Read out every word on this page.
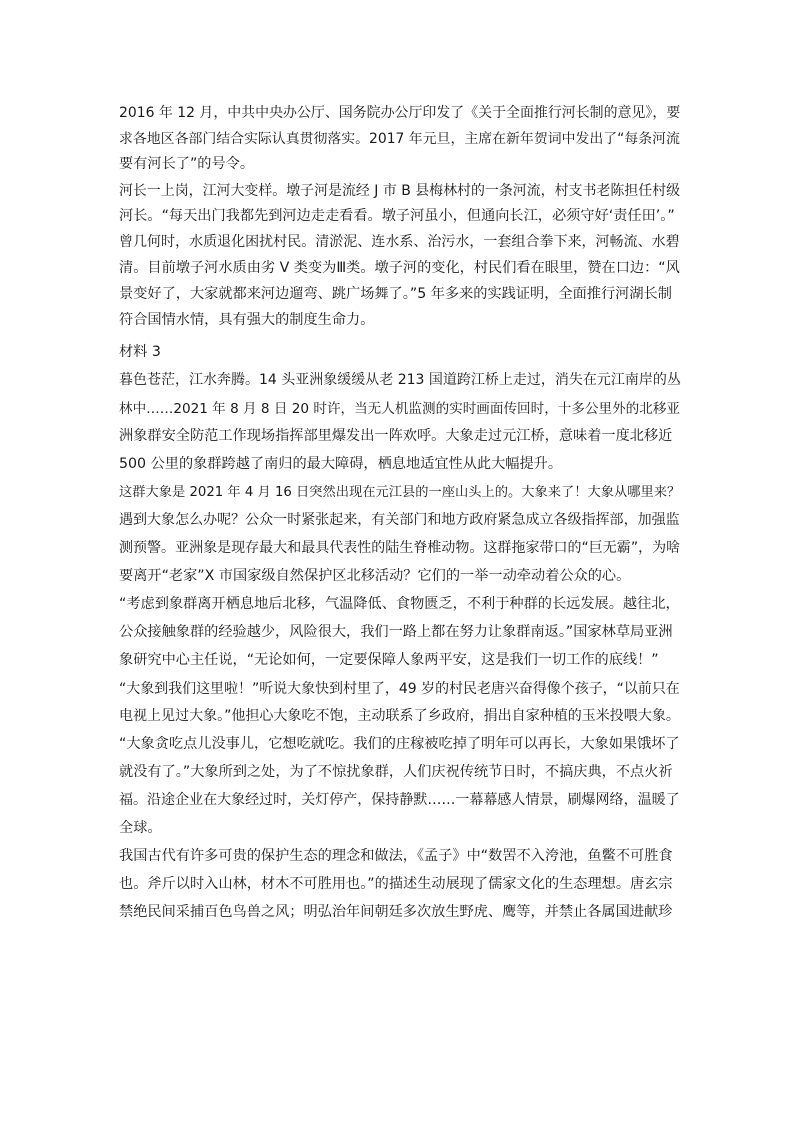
2016 年 12 月，中共中央办公厅、国务院办公厅印发了《关于全面推行河长制的意见》，要
求各地区各部门结合实际认真贯彻落实。2017 年元旦，主席在新年贺词中发出了“每条河流
要有河长了”的号令。
河长一上岗，江河大变样。墩子河是流经 J 市 B 县梅林村的一条河流，村支书老陈担任村级
河长。“每天出门我都先到河边走走看看。墩子河虽小，但通向长江，必须守好‘责任田’。”
曾几何时，水质退化困扰村民。清淤泥、连水系、治污水，一套组合拳下来，河畅流、水碧
清。目前墩子河水质由劣 V 类变为Ⅲ类。墩子河的变化，村民们看在眼里，赞在口边：“风
景变好了，大家就都来河边遛弯、跳广场舞了。”5 年多来的实践证明，全面推行河湖长制
符合国情水情，具有强大的制度生命力。
材料 3
暮色苍茫，江水奔腾。14 头亚洲象缓缓从老 213 国道跨江桥上走过，消失在元江南岸的丛
林中……2021 年 8 月 8 日 20 时许，当无人机监测的实时画面传回时，十多公里外的北移亚
洲象群安全防范工作现场指挥部里爆发出一阵欢呼。大象走过元江桥，意味着一度北移近
500 公里的象群跨越了南归的最大障碍，栖息地适宜性从此大幅提升。
这群大象是 2021 年 4 月 16 日突然出现在元江县的一座山头上的。大象来了！大象从哪里来？
遇到大象怎么办呢？公众一时紧张起来，有关部门和地方政府紧急成立各级指挥部，加强监
测预警。亚洲象是现存最大和最具代表性的陆生脊椎动物。这群拖家带口的“巨无霸”，为啥
要离开“老家”X 市国家级自然保护区北移活动？它们的一举一动牵动着公众的心。
“考虑到象群离开栖息地后北移，气温降低、食物匮乏，不利于种群的长远发展。越往北，
公众接触象群的经验越少，风险很大，我们一路上都在努力让象群南返。”国家林草局亚洲
象研究中心主任说，“无论如何，一定要保障人象两平安，这是我们一切工作的底线！”
“大象到我们这里啦！”听说大象快到村里了，49 岁的村民老唐兴奋得像个孩子，“以前只在
电视上见过大象。”他担心大象吃不饱，主动联系了乡政府，捐出自家种植的玉米投喂大象。
“大象贪吃点儿没事儿，它想吃就吃。我们的庄稼被吃掉了明年可以再长，大象如果饿坏了
就没有了。”大象所到之处，为了不惊扰象群，人们庆祝传统节日时，不搞庆典，不点火祈
福。沿途企业在大象经过时，关灯停产，保持静默……一幕幕感人情景，刷爆网络，温暖了
全球。
我国古代有许多可贵的保护生态的理念和做法，《孟子》中“数罟不入洿池，鱼鳖不可胜食
也。斧斤以时入山林，材木不可胜用也。”的描述生动展现了儒家文化的生态理想。唐玄宗
禁绝民间采捕百色鸟兽之风；明弘治年间朝廷多次放生野虎、鹰等，并禁止各属国进献珍
